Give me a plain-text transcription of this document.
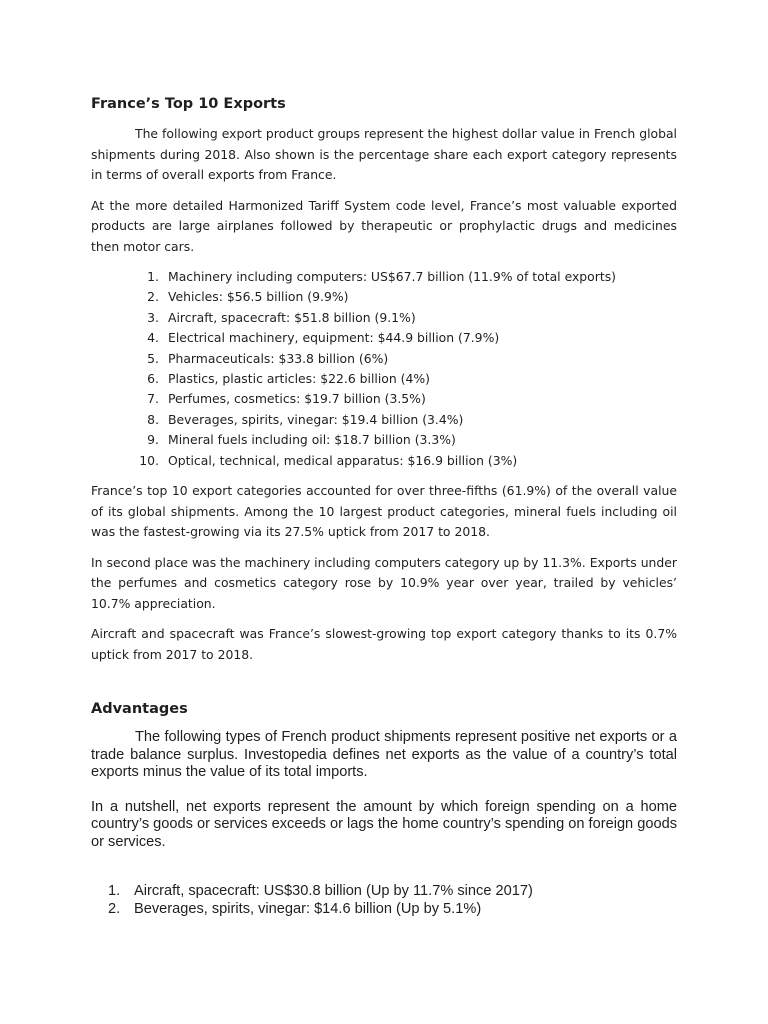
France’s Top 10 Exports

The following export product groups represent the highest dollar value in French global shipments during 2018. Also shown is the percentage share each export category represents in terms of overall exports from France.

At the more detailed Harmonized Tariff System code level, France’s most valuable exported products are large airplanes followed by therapeutic or prophylactic drugs and medicines then motor cars.

1. Machinery including computers: US$67.7 billion (11.9% of total exports)
2. Vehicles: $56.5 billion (9.9%)
3. Aircraft, spacecraft: $51.8 billion (9.1%)
4. Electrical machinery, equipment: $44.9 billion (7.9%)
5. Pharmaceuticals: $33.8 billion (6%)
6. Plastics, plastic articles: $22.6 billion (4%)
7. Perfumes, cosmetics: $19.7 billion (3.5%)
8. Beverages, spirits, vinegar: $19.4 billion (3.4%)
9. Mineral fuels including oil: $18.7 billion (3.3%)
10. Optical, technical, medical apparatus: $16.9 billion (3%)

France’s top 10 export categories accounted for over three-fifths (61.9%) of the overall value of its global shipments. Among the 10 largest product categories, mineral fuels including oil was the fastest-growing via its 27.5% uptick from 2017 to 2018.

In second place was the machinery including computers category up by 11.3%. Exports under the perfumes and cosmetics category rose by 10.9% year over year, trailed by vehicles’ 10.7% appreciation.

Aircraft and spacecraft was France’s slowest-growing top export category thanks to its 0.7% uptick from 2017 to 2018.

Advantages

The following types of French product shipments represent positive net exports or a trade balance surplus. Investopedia defines net exports as the value of a country’s total exports minus the value of its total imports.

In a nutshell, net exports represent the amount by which foreign spending on a home country’s goods or services exceeds or lags the home country’s spending on foreign goods or services.

1. Aircraft, spacecraft: US$30.8 billion (Up by 11.7% since 2017)
2. Beverages, spirits, vinegar: $14.6 billion (Up by 5.1%)
